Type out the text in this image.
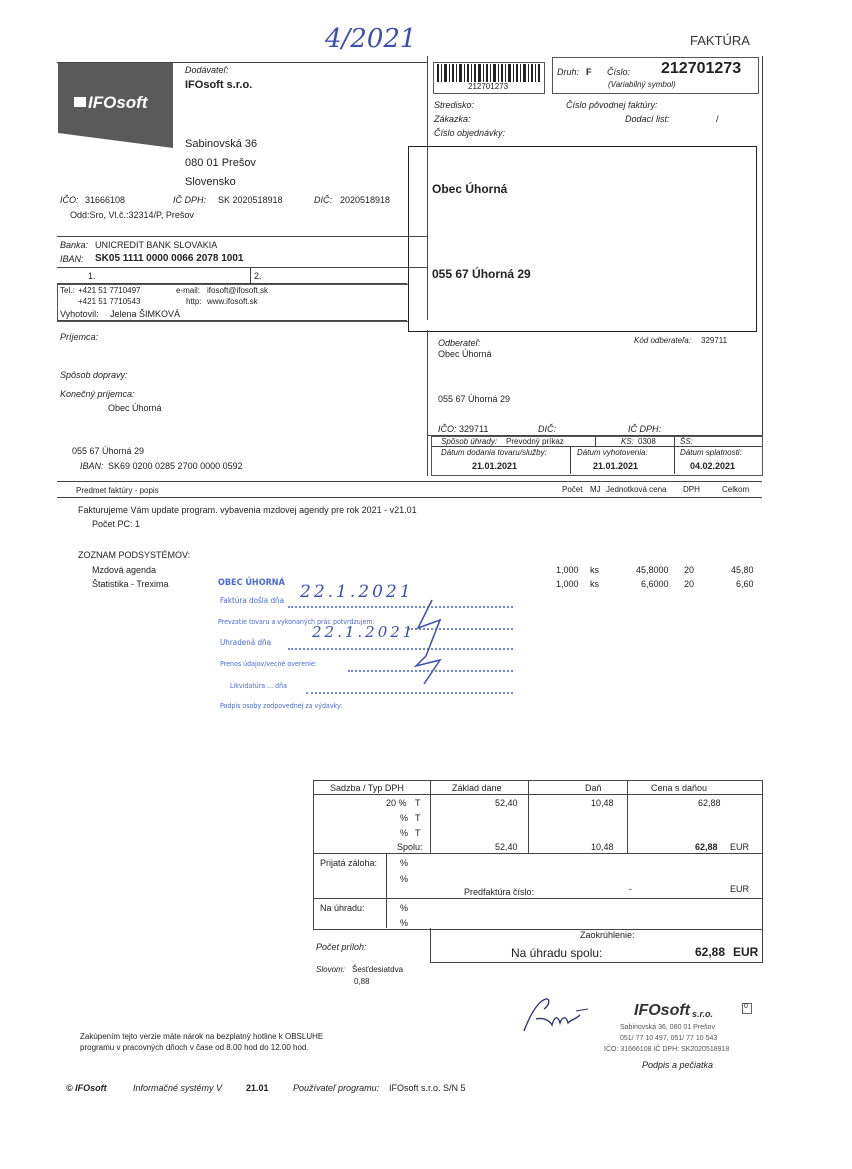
4/2021	FAKTÚRA
IFOsoft
Dodávateľ:
IFOsoft s.r.o.
Sabinovská 36
080 01 Prešov
Slovensko
IČO: 31666108	IČ DPH: SK 2020518918	DIČ: 2020518918
Odd:Sro, Vl.č.:32314/P, Prešov
Banka: UNICREDIT BANK SLOVAKIA
IBAN: SK05 1111 0000 0066 2078 1001
1.	2.
Tel.: +421 51 7710497
+421 51 7710543
e-mail: ifosoft@ifosoft.sk
http: www.ifosoft.sk
Vyhotovil: Jelena ŠIMKOVÁ
212701273
Druh: F Číslo: 212701273
(Variabilný symbol)
Stredisko:	Číslo pôvodnej faktúry:
Zákazka:	Dodací list:	/
Číslo objednávky:
Obec Úhorná
055 67 Úhorná 29
Príjemca:
Spôsob dopravy:
Konečný príjemca:
Obec Úhorná
055 67 Úhorná 29
IBAN: SK69 0200 0285 2700 0000 0592
Odberateľ:	Kód odberateľa: 329711
Obec Úhorná
055 67 Úhorná 29
IČO: 329711	DIČ:	IČ DPH:
Spôsob úhrady: Prevodný príkaz	KS: 0308	ŠS:
Dátum dodania tovaru/služby:	Dátum vyhotovenia:	Dátum splatnosti:
21.01.2021	21.01.2021	04.02.2021
Predmet faktúry - popis	Počet MJ Jednotková cena DPH	Celkom
Fakturujeme Vám update program. vybavenia mzdovej agendy pre rok 2021 - v21.01
Počet PC: 1
ZOZNAM PODSYSTÉMOV:
Mzdová agenda	1,000 ks	45,8000 20	45,80
Štatistika - Trexima	1,000 ks	6,6000 20	6,60
OBEC ÚHORNÁ
Faktúra došla dňa
Prevzatie tovaru a vykonaných prác potvrdzujem:
Uhradená dňa
Prenos údajov/vecné overenie:
Likvidatúra ... dňa
Podpis osoby zodpovednej za výdavky:
22.1.2021
22.1.2021
Sadzba / Typ DPH	Základ dane	Daň	Cena s daňou
20 % T	52,40	10,48	62,88
% T
% T
Spolu:	52,40	10,48	62,88 EUR
Prijatá záloha:	%
%
Predfaktúra číslo:	-	EUR
Na úhradu:	%
%
Zaokrúhlenie:
Na úhradu spolu:	62,88 EUR
Počet príloh:
Slovom: Šesťdesiatdva
0,88
Zakúpením tejto verzie máte nárok na bezplatný hotline k OBSLUHE
programu v pracovných dňoch v čase od 8.00 hod do 12.00 hod.
IFOsoft s.r.o.
Sabinovská 36, 080 01 Prešov
051/ 77 10 497, 051/ 77 10 543
IČO: 31666108 IČ DPH: SK2020518918
0
Podpis a pečiatka
© IFOsoft	Informačné systémy V	21.01	Používateľ programu: IFOsoft s.r.o. S/N 5
